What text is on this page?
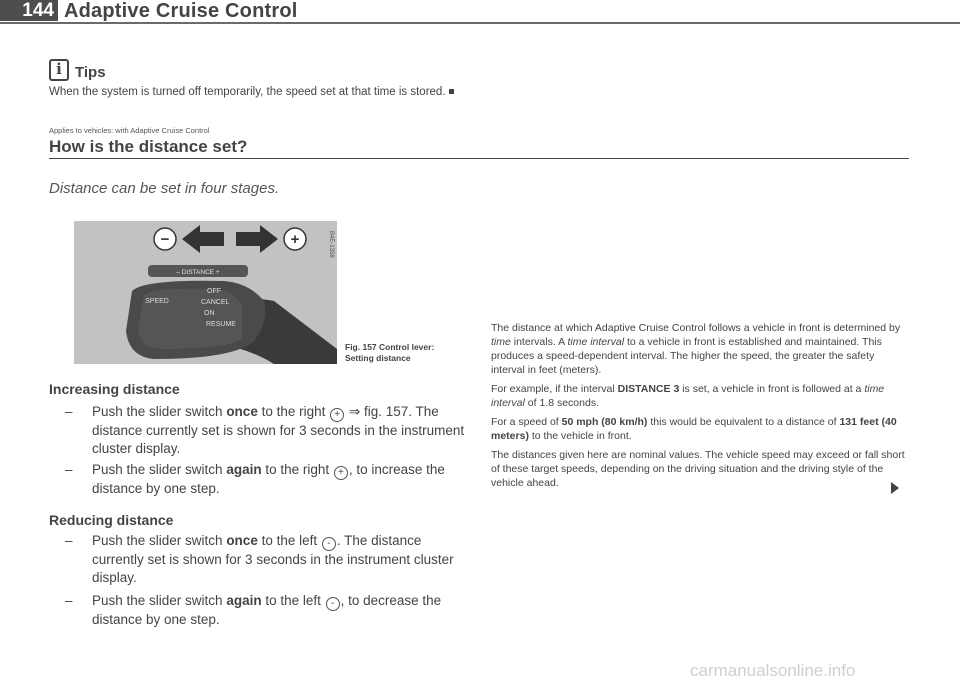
144 Adaptive Cruise Control
i
Tips
When the system is turned off temporarily, the speed set at that time is stored.
Applies to vehicles: with Adaptive Cruise Control
How is the distance set?
Distance can be set in four stages.
– DISTANCE +
−	+
SPEED
OFF
CANCEL
ON
RESUME
B4E-1358
Fig. 157 Control lever:
Setting distance
Increasing distance
– Push the slider switch once to the right + ⇒ fig. 157. The distance currently set is shown for 3 seconds in the instrument cluster display.
– Push the slider switch again to the right + , to increase the distance by one step.
Reducing distance
– Push the slider switch once to the left - . The distance currently set is shown for 3 seconds in the instrument cluster display.
– Push the slider switch again to the left - , to decrease the distance by one step.

The distance at which Adaptive Cruise Control follows a vehicle in front is determined by time intervals. A time interval to a vehicle in front is established and maintained. This produces a speed-dependent interval. The higher the speed, the greater the safety interval in feet (meters).

For example, if the interval DISTANCE 3 is set, a vehicle in front is followed at a time interval of 1.8 seconds.

For a speed of 50 mph (80 km/h) this would be equivalent to a distance of 131 feet (40 meters) to the vehicle in front.

The distances given here are nominal values. The vehicle speed may exceed or fall short of these target speeds, depending on the driving situation and the driving style of the vehicle ahead.

carmanualsonline.info
